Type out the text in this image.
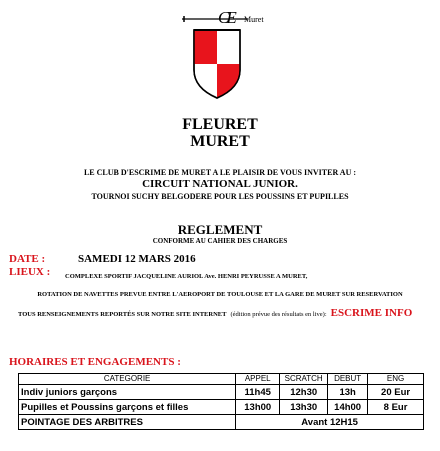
CE Muret
FLEURET
MURET
LE CLUB D'ESCRIME DE MURET A LE PLAISIR DE VOUS INVITER AU :
CIRCUIT NATIONAL JUNIOR.
TOURNOI SUCHY BELGODERE POUR LES POUSSINS ET PUPILLES
REGLEMENT
CONFORME AU CAHIER DES CHARGES
DATE :	SAMEDI 12 MARS 2016
LIEUX : COMPLEXE SPORTIF JACQUELINE AURIOL Ave. HENRI PEYRUSSE A MURET,
ROTATION DE NAVETTES PREVUE ENTRE L'AEROPORT DE TOULOUSE ET LA GARE DE MURET SUR RESERVATION
TOUS RENSEIGNEMENTS REPORTÉS SUR NOTRE SITE INTERNET (édition prévue des résultats en live): ESCRIME INFO
HORAIRES ET ENGAGEMENTS :
CATEGORIE	APPEL	SCRATCH	DEBUT	ENG
Indiv juniors garçons	11h45	12h30	13h	20 Eur
Pupilles et Poussins garçons et filles	13h00	13h30	14h00	8 Eur
POINTAGE DES ARBITRES	Avant 12H15			
